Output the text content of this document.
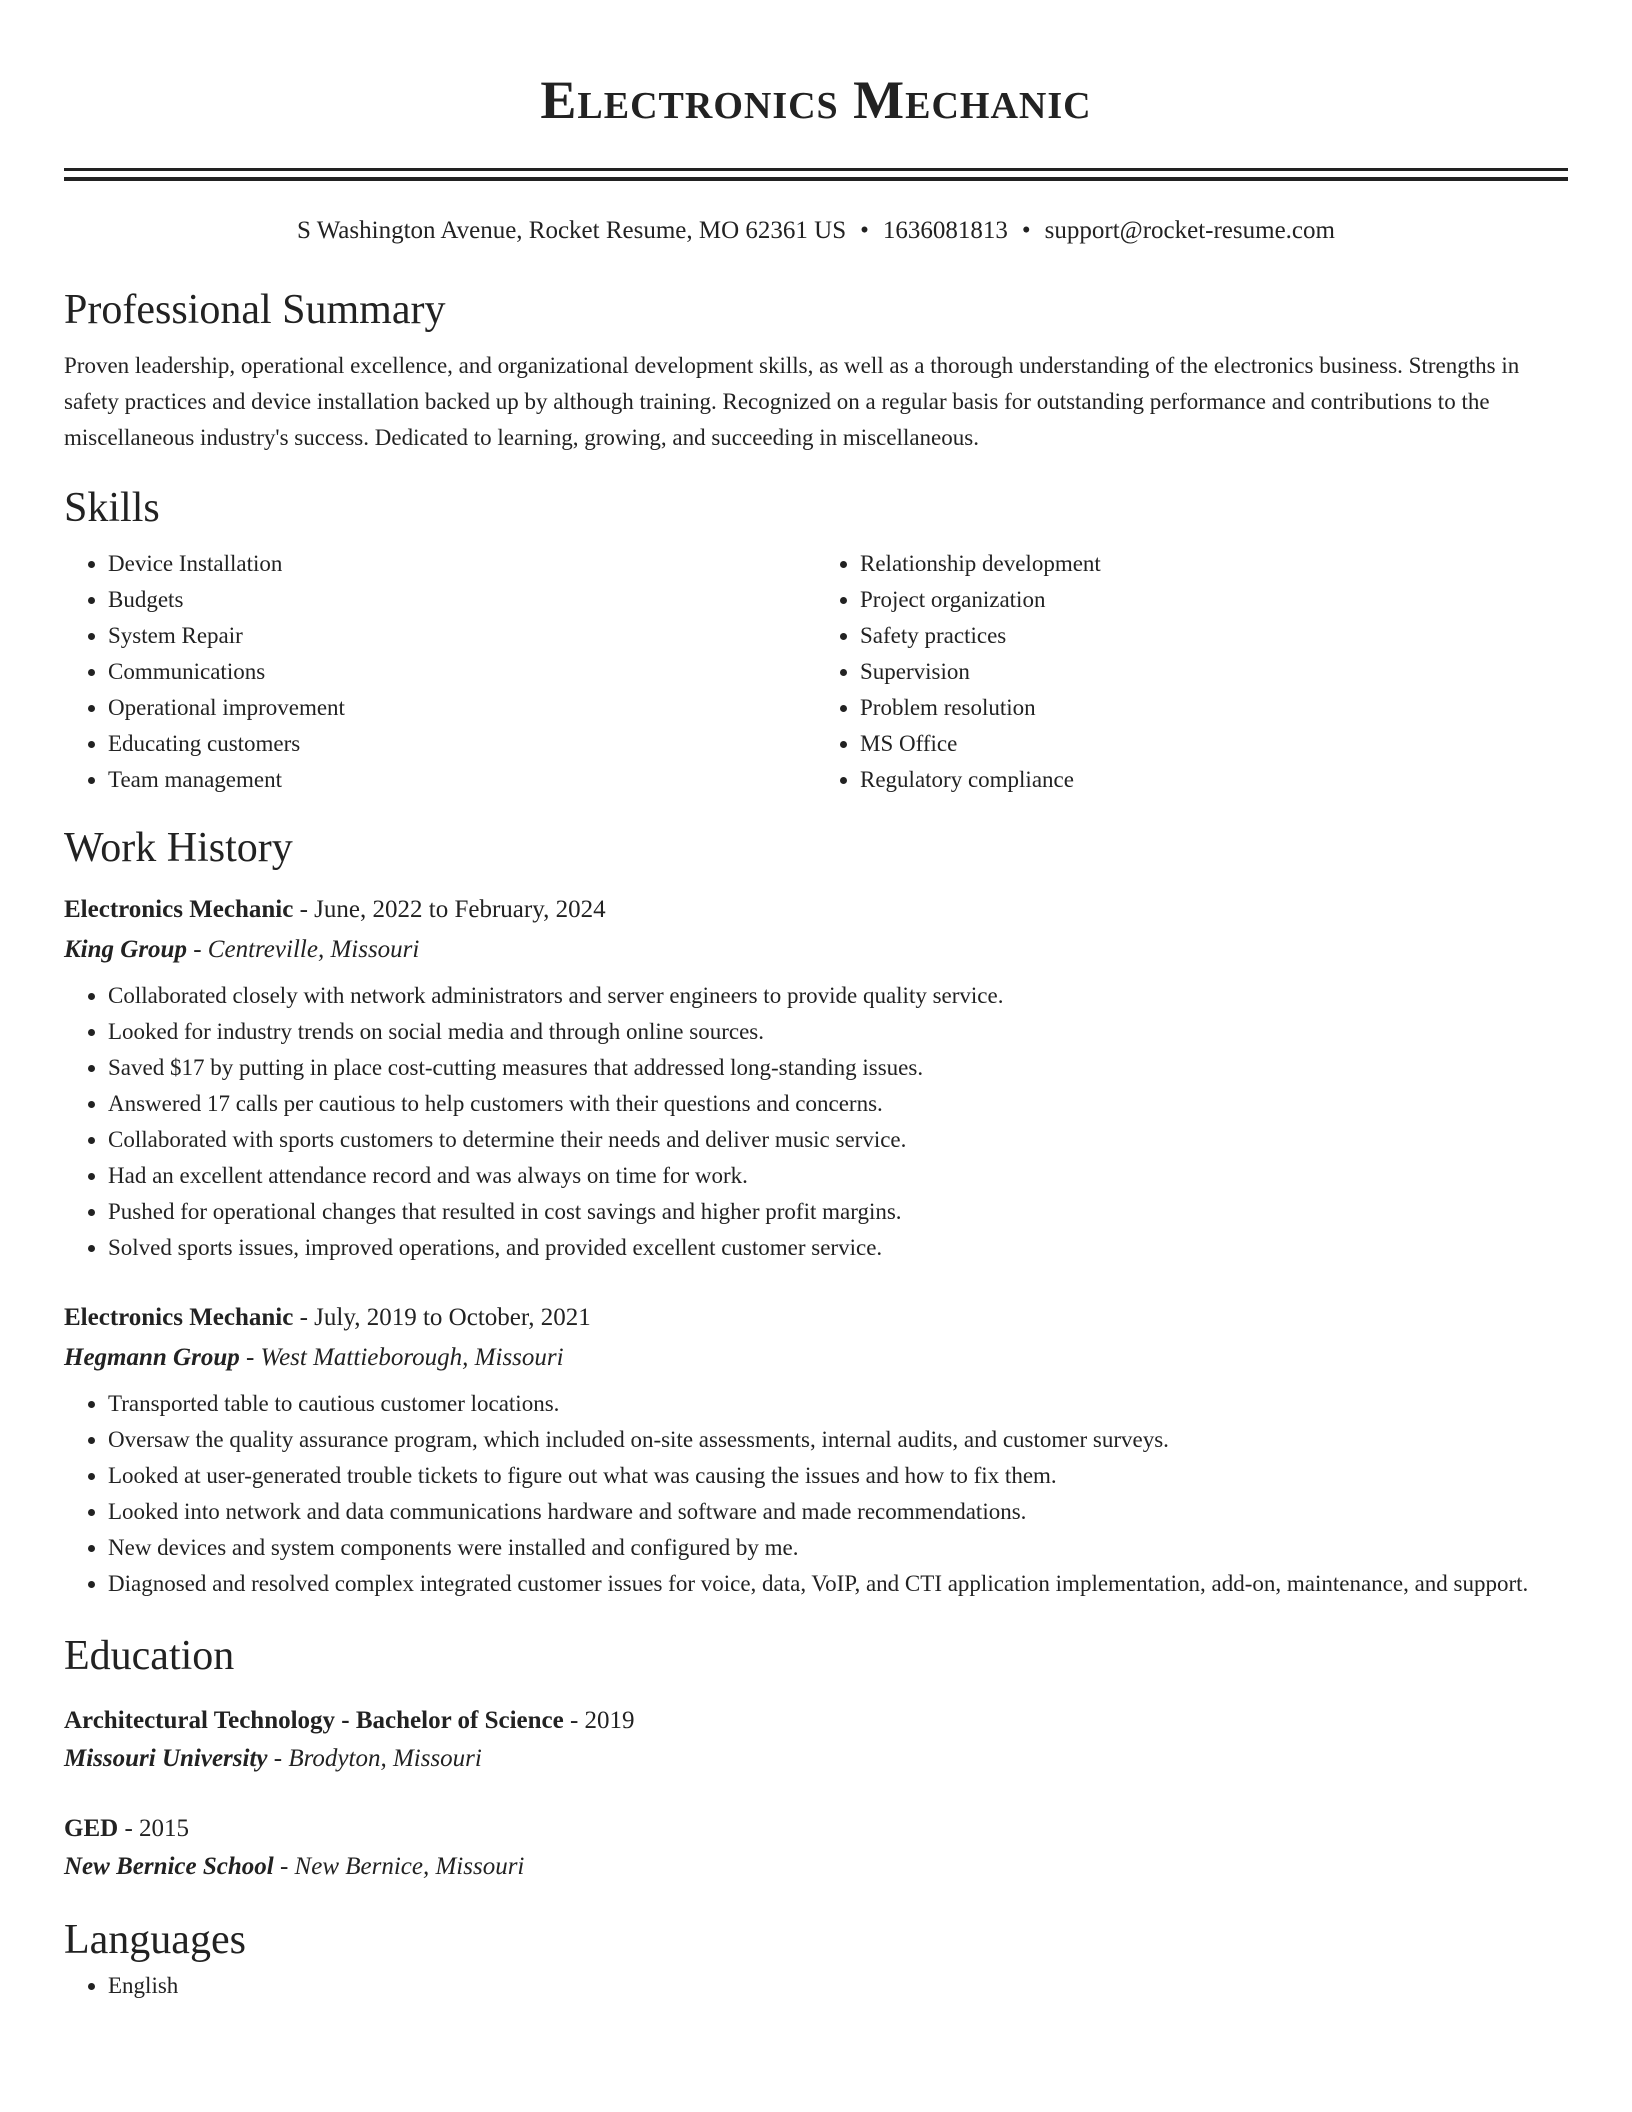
Electronics Mechanic
S Washington Avenue, Rocket Resume, MO 62361 US • 1636081813 • support@rocket-resume.com
Professional Summary

Proven leadership, operational excellence, and organizational development skills, as well as a thorough understanding of the electronics business. Strengths in safety practices and device installation backed up by although training. Recognized on a regular basis for outstanding performance and contributions to the miscellaneous industry's success. Dedicated to learning, growing, and succeeding in miscellaneous.

Skills
• Device Installation
• Budgets
• System Repair
• Communications
• Operational improvement
• Educating customers
• Team management
• Relationship development
• Project organization
• Safety practices
• Supervision
• Problem resolution
• MS Office
• Regulatory compliance
Work History
Electronics Mechanic - June, 2022 to February, 2024
King Group - Centreville, Missouri
• Collaborated closely with network administrators and server engineers to provide quality service.
• Looked for industry trends on social media and through online sources.
• Saved $17 by putting in place cost-cutting measures that addressed long-standing issues.
• Answered 17 calls per cautious to help customers with their questions and concerns.
• Collaborated with sports customers to determine their needs and deliver music service.
• Had an excellent attendance record and was always on time for work.
• Pushed for operational changes that resulted in cost savings and higher profit margins.
• Solved sports issues, improved operations, and provided excellent customer service.
Electronics Mechanic - July, 2019 to October, 2021
Hegmann Group - West Mattieborough, Missouri
• Transported table to cautious customer locations.
• Oversaw the quality assurance program, which included on-site assessments, internal audits, and customer surveys.
• Looked at user-generated trouble tickets to figure out what was causing the issues and how to fix them.
• Looked into network and data communications hardware and software and made recommendations.
• New devices and system components were installed and configured by me.
• Diagnosed and resolved complex integrated customer issues for voice, data, VoIP, and CTI application implementation, add-on, maintenance, and support.
Education
Architectural Technology - Bachelor of Science - 2019
Missouri University - Brodyton, Missouri
GED - 2015
New Bernice School - New Bernice, Missouri
Languages
• English
